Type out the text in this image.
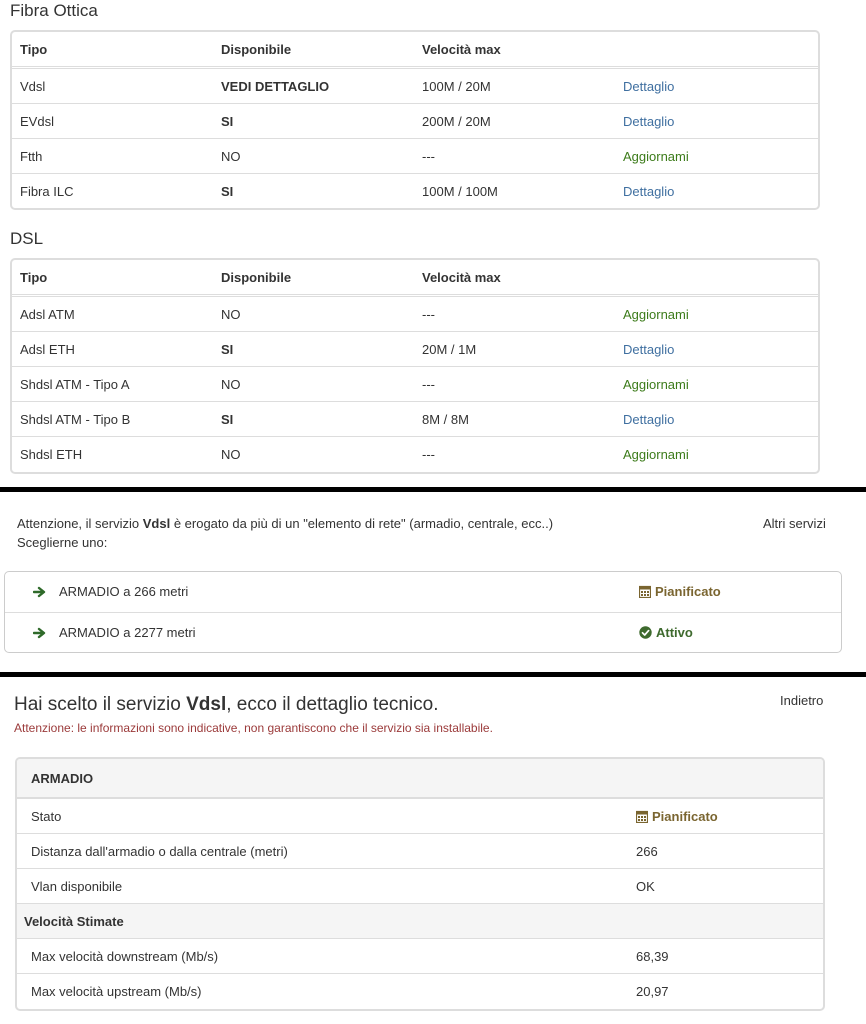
Fibra Ottica
Tipo	Disponibile	Velocità max
Vdsl	VEDI DETTAGLIO	100M / 20M	Dettaglio
EVdsl	SI	200M / 20M	Dettaglio
Ftth	NO	---	Aggiornami
Fibra ILC	SI	100M / 100M	Dettaglio
DSL
Tipo	Disponibile	Velocità max
Adsl ATM	NO	---	Aggiornami
Adsl ETH	SI	20M / 1M	Dettaglio
Shdsl ATM - Tipo A	NO	---	Aggiornami
Shdsl ATM - Tipo B	SI	8M / 8M	Dettaglio
Shdsl ETH	NO	---	Aggiornami
Attenzione, il servizio Vdsl è erogato da più di un "elemento di rete" (armadio, centrale, ecc..)
Sceglierne uno:
Altri servizi
ARMADIO a 266 metri	Pianificato
ARMADIO a 2277 metri	Attivo
Hai scelto il servizio Vdsl, ecco il dettaglio tecnico.	Indietro
Attenzione: le informazioni sono indicative, non garantiscono che il servizio sia installabile.
ARMADIO
Stato	Pianificato
Distanza dall'armadio o dalla centrale (metri)	266
Vlan disponibile	OK
Velocità Stimate
Max velocità downstream (Mb/s)	68,39
Max velocità upstream (Mb/s)	20,97
